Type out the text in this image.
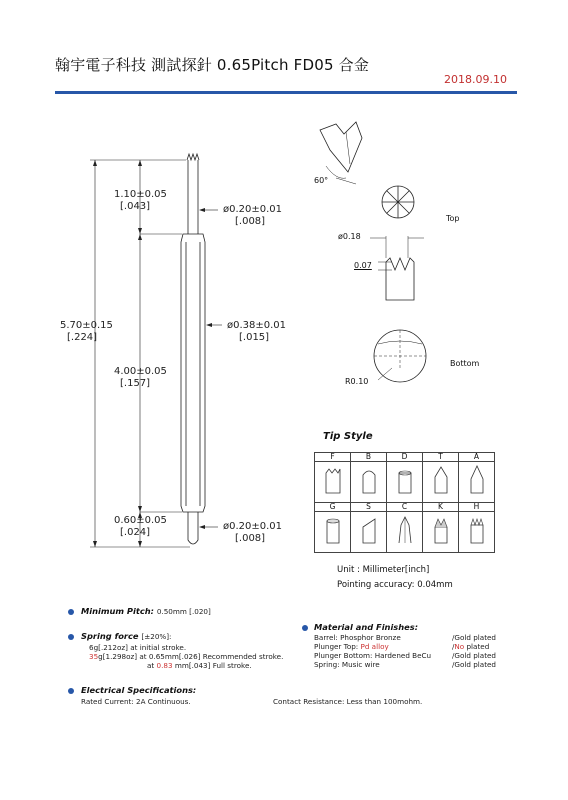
翰宇電子科技 測試探針 0.65Pitch FD05 合金
2018.09.10
1.10±0.05
[.043]	ø0.20±0.01
[.008]
5.70±0.15
[.224]
ø0.38±0.01
[.015]
4.00±0.05
[.157]
0.60±0.05
[.024]
ø0.20±0.01
[.008]
60°
Top
ø0.18
0.07
Bottom
R0.10
Tip Style
F	B	D	T	A

G	S	C	K	H

Unit : Millimeter[inch]
Pointing accuracy: 0.04mm
Minimum Pitch: 0.50mm [.020]
Spring force [±20%]:
6g[.212oz] at initial stroke.
35g[1.298oz] at 0.65mm[.026] Recommended stroke.
at 0.83 mm[.043] Full stroke.
Material and Finishes:
Barrel: Phosphor Bronze	/Gold plated
Plunger Top: Pd alloy	/No plated
Plunger Bottom: Hardened BeCu	/Gold plated
Spring: Music wire	/Gold plated
Electrical Specifications:
Rated Current: 2A Continuous.	Contact Resistance: Less than 100mohm.
